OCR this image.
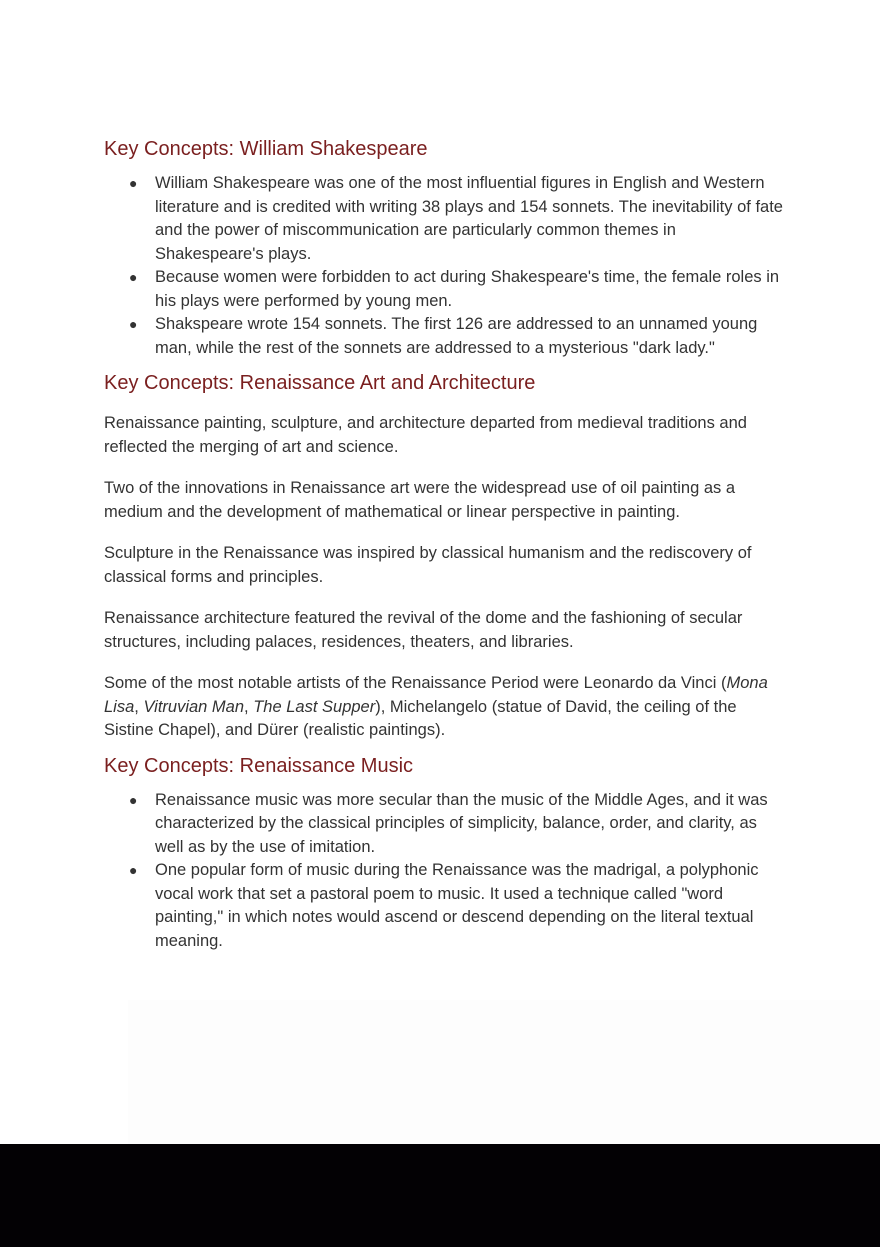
Key Concepts: William Shakespeare
● William Shakespeare was one of the most influential figures in English and Western literature and is credited with writing 38 plays and 154 sonnets. The inevitability of fate and the power of miscommunication are particularly common themes in Shakespeare's plays.
● Because women were forbidden to act during Shakespeare's time, the female roles in his plays were performed by young men.
● Shakspeare wrote 154 sonnets. The first 126 are addressed to an unnamed young man, while the rest of the sonnets are addressed to a mysterious "dark lady."
Key Concepts: Renaissance Art and Architecture

Renaissance painting, sculpture, and architecture departed from medieval traditions and reflected the merging of art and science.

Two of the innovations in Renaissance art were the widespread use of oil painting as a medium and the development of mathematical or linear perspective in painting.

Sculpture in the Renaissance was inspired by classical humanism and the rediscovery of classical forms and principles.

Renaissance architecture featured the revival of the dome and the fashioning of secular structures, including palaces, residences, theaters, and libraries.

Some of the most notable artists of the Renaissance Period were Leonardo da Vinci (Mona Lisa, Vitruvian Man, The Last Supper), Michelangelo (statue of David, the ceiling of the Sistine Chapel), and Dürer (realistic paintings).

Key Concepts: Renaissance Music
● Renaissance music was more secular than the music of the Middle Ages, and it was characterized by the classical principles of simplicity, balance, order, and clarity, as well as by the use of imitation.
● One popular form of music during the Renaissance was the madrigal, a polyphonic vocal work that set a pastoral poem to music. It used a technique called "word painting," in which notes would ascend or descend depending on the literal textual meaning.
